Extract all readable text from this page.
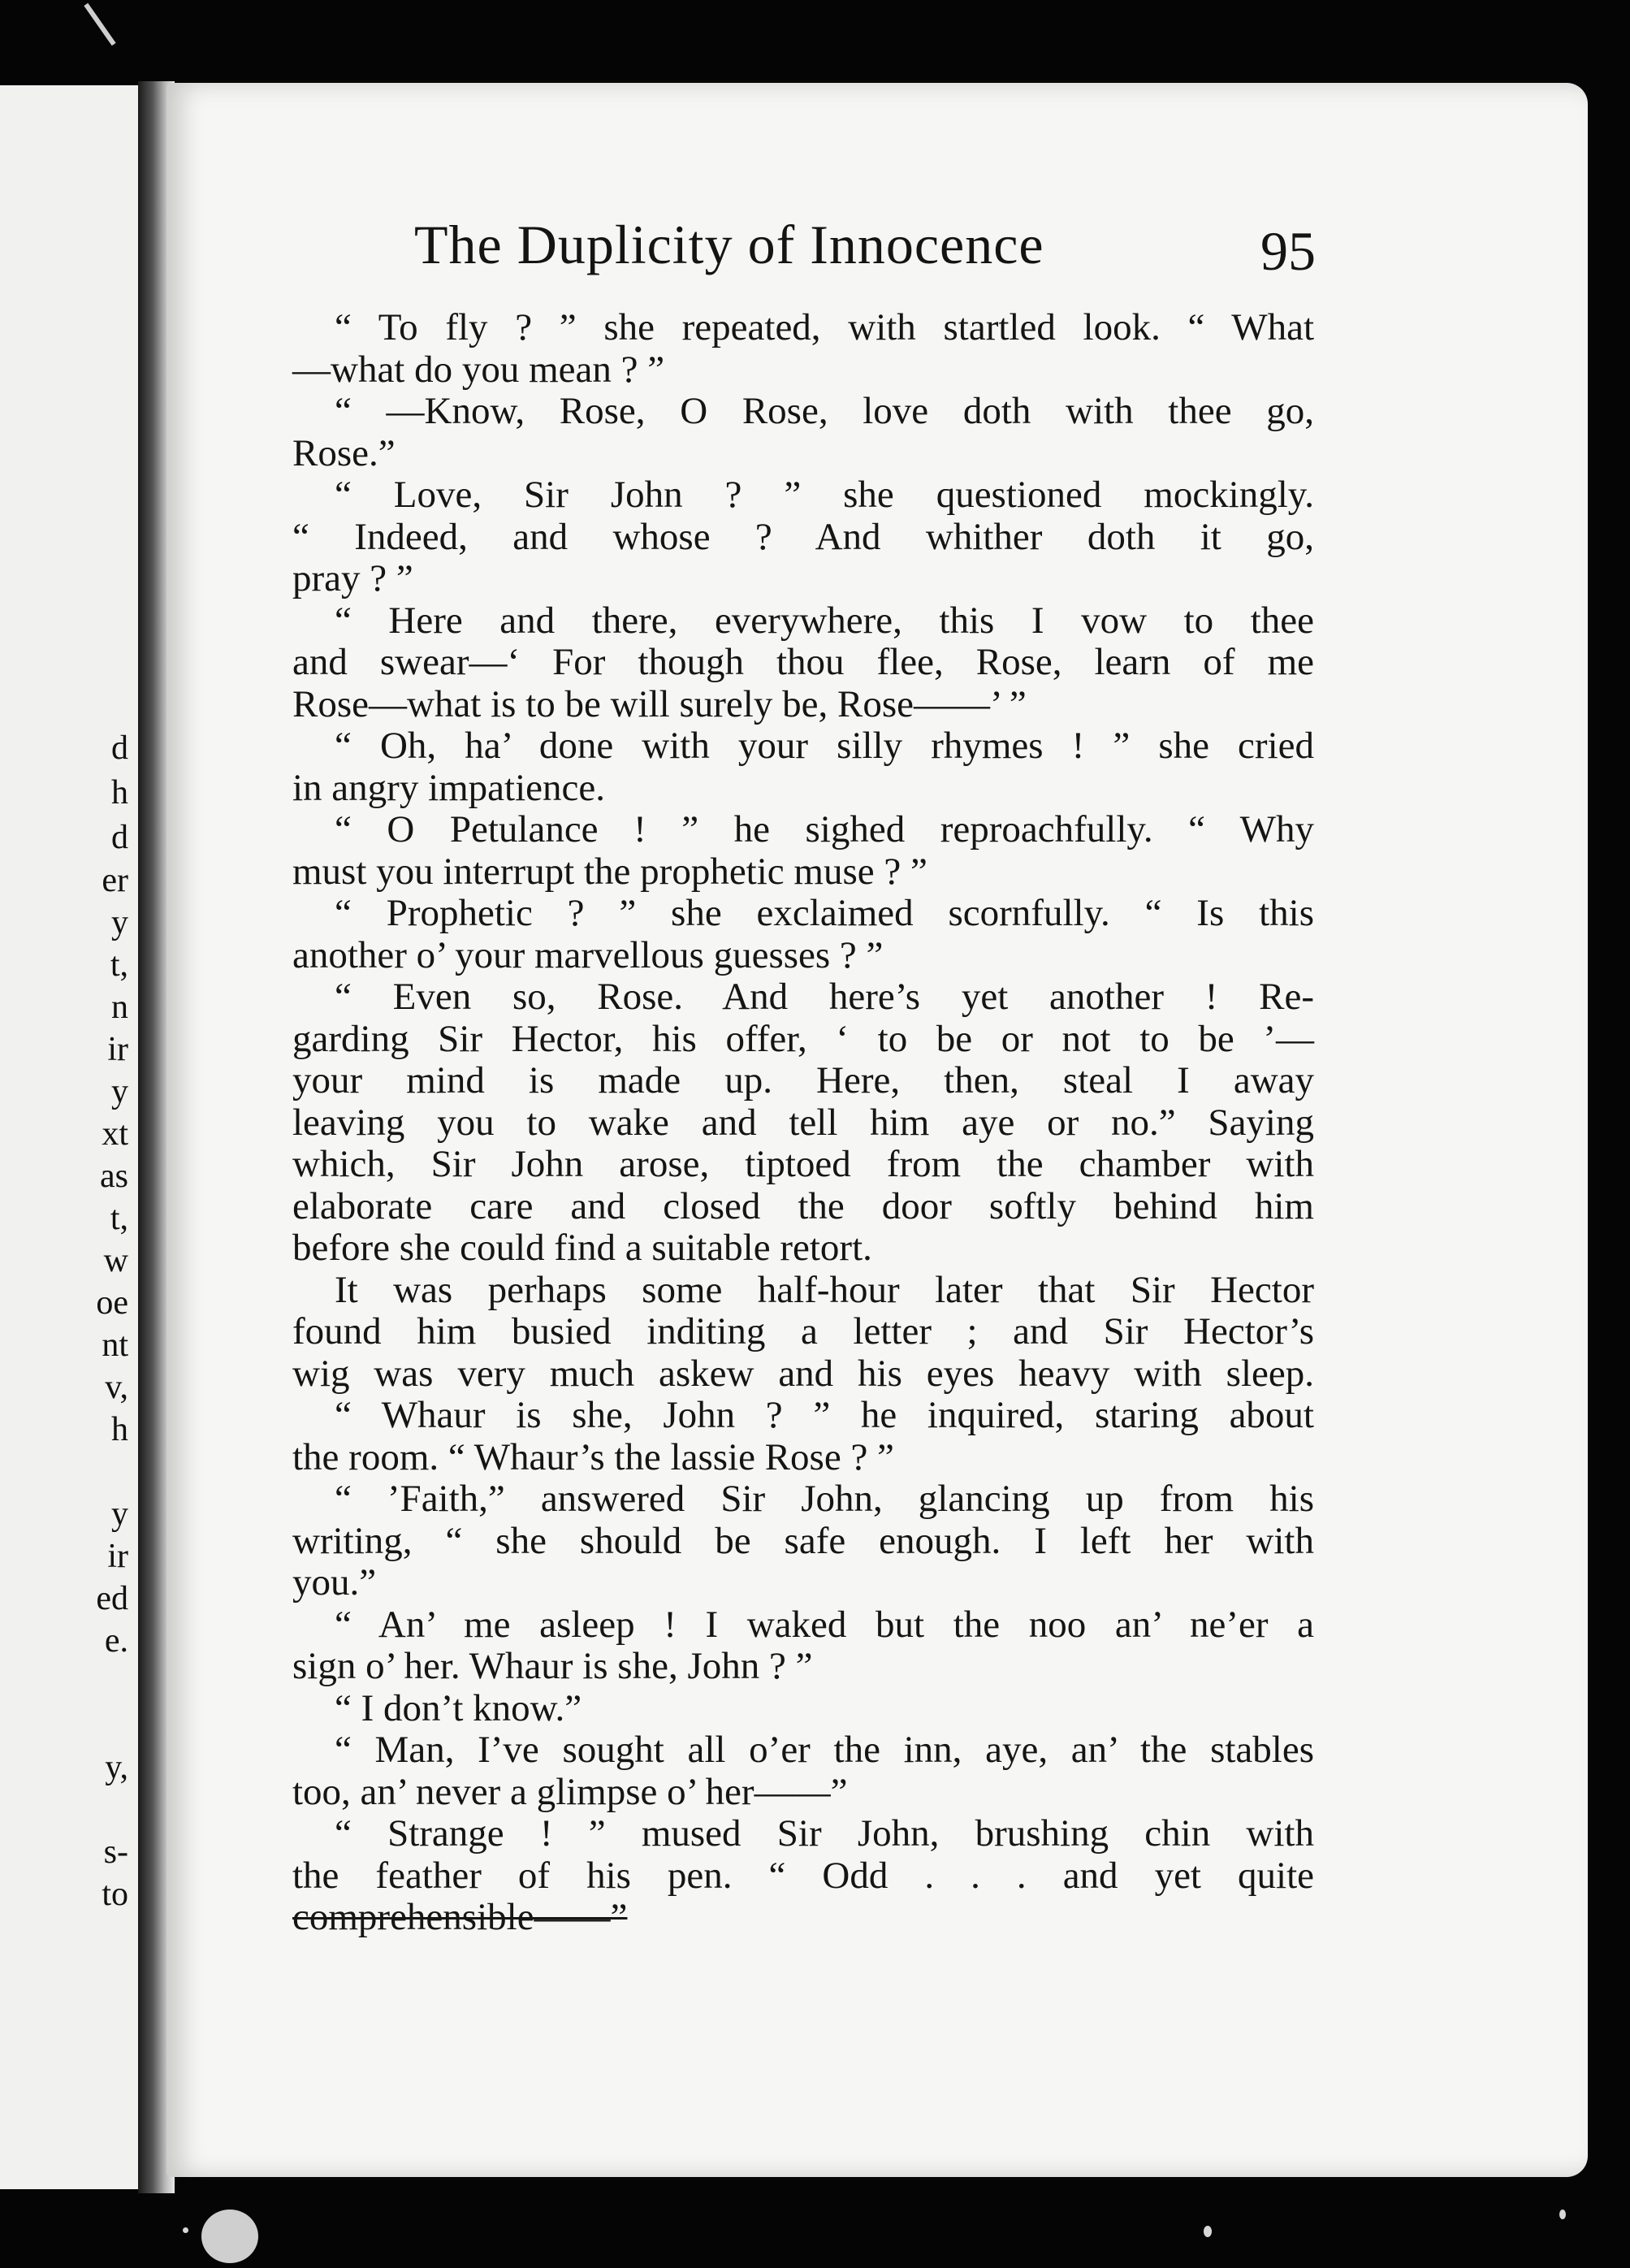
d
h
d
er
y
t,
n
ir
y
xt
as
t,
w
oe
nt
v,
h
y
ir
ed
e.
y,
s-
to
The Duplicity of Innocence	95
“ To fly ? ” she repeated, with startled look. “ What
—what do you mean ? ”
“ —Know, Rose, O Rose, love doth with thee go,
Rose.”
“ Love, Sir John ? ” she questioned mockingly.
“ Indeed, and whose ? And whither doth it go,
pray ? ”
“ Here and there, everywhere, this I vow to thee
and swear—‘ For though thou flee, Rose, learn of me
Rose—what is to be will surely be, Rose——’ ”
“ Oh, ha’ done with your silly rhymes ! ” she cried
in angry impatience.
“ O Petulance ! ” he sighed reproachfully. “ Why
must you interrupt the prophetic muse ? ”
“ Prophetic ? ” she exclaimed scornfully. “ Is this
another o’ your marvellous guesses ? ”
“ Even so, Rose. And here’s yet another ! Re-
garding Sir Hector, his offer, ‘ to be or not to be ’—
your mind is made up. Here, then, steal I away
leaving you to wake and tell him aye or no.” Saying
which, Sir John arose, tiptoed from the chamber with
elaborate care and closed the door softly behind him
before she could find a suitable retort.
It was perhaps some half-hour later that Sir Hector
found him busied inditing a letter ; and Sir Hector’s
wig was very much askew and his eyes heavy with sleep.
“ Whaur is she, John ? ” he inquired, staring about
the room. “ Whaur’s the lassie Rose ? ”
“ ’Faith,” answered Sir John, glancing up from his
writing, “ she should be safe enough. I left her with
you.”
“ An’ me asleep ! I waked but the noo an’ ne’er a
sign o’ her. Whaur is she, John ? ”
“ I don’t know.”
“ Man, I’ve sought all o’er the inn, aye, an’ the stables
too, an’ never a glimpse o’ her——”
“ Strange ! ” mused Sir John, brushing chin with
the feather of his pen. “ Odd . . . and yet quite
comprehensible——”
